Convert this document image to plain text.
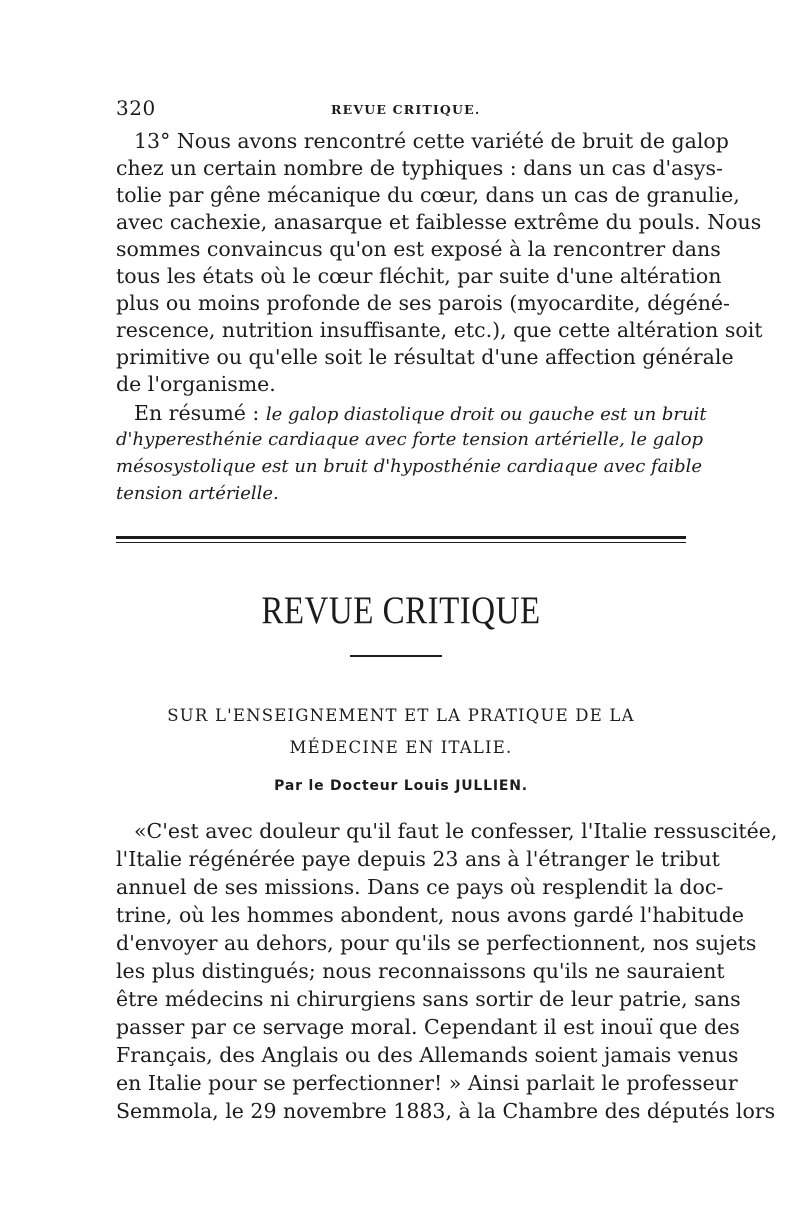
320	REVUE CRITIQUE.
13° Nous avons rencontré cette variété de bruit de galop
chez un certain nombre de typhiques : dans un cas d'asys-
tolie par gêne mécanique du cœur, dans un cas de granulie,
avec cachexie, anasarque et faiblesse extrême du pouls. Nous
sommes convaincus qu'on est exposé à la rencontrer dans
tous les états où le cœur fléchit, par suite d'une altération
plus ou moins profonde de ses parois (myocardite, dégéné-
rescence, nutrition insuffisante, etc.), que cette altération soit
primitive ou qu'elle soit le résultat d'une affection générale
de l'organisme.
En résumé : le galop diastolique droit ou gauche est un bruit
d'hyperesthénie cardiaque avec forte tension artérielle, le galop
mésosystolique est un bruit d'hyposthénie cardiaque avec faible
tension artérielle.
REVUE CRITIQUE
SUR L'ENSEIGNEMENT ET LA PRATIQUE DE LA
MÉDECINE EN ITALIE.
Par le Docteur Louis JULLIEN.
«C'est avec douleur qu'il faut le confesser, l'Italie ressuscitée,
l'Italie régénérée paye depuis 23 ans à l'étranger le tribut
annuel de ses missions. Dans ce pays où resplendit la doc-
trine, où les hommes abondent, nous avons gardé l'habitude
d'envoyer au dehors, pour qu'ils se perfectionnent, nos sujets
les plus distingués; nous reconnaissons qu'ils ne sauraient
être médecins ni chirurgiens sans sortir de leur patrie, sans
passer par ce servage moral. Cependant il est inouï que des
Français, des Anglais ou des Allemands soient jamais venus
en Italie pour se perfectionner! » Ainsi parlait le professeur
Semmola, le 29 novembre 1883, à la Chambre des députés lors
